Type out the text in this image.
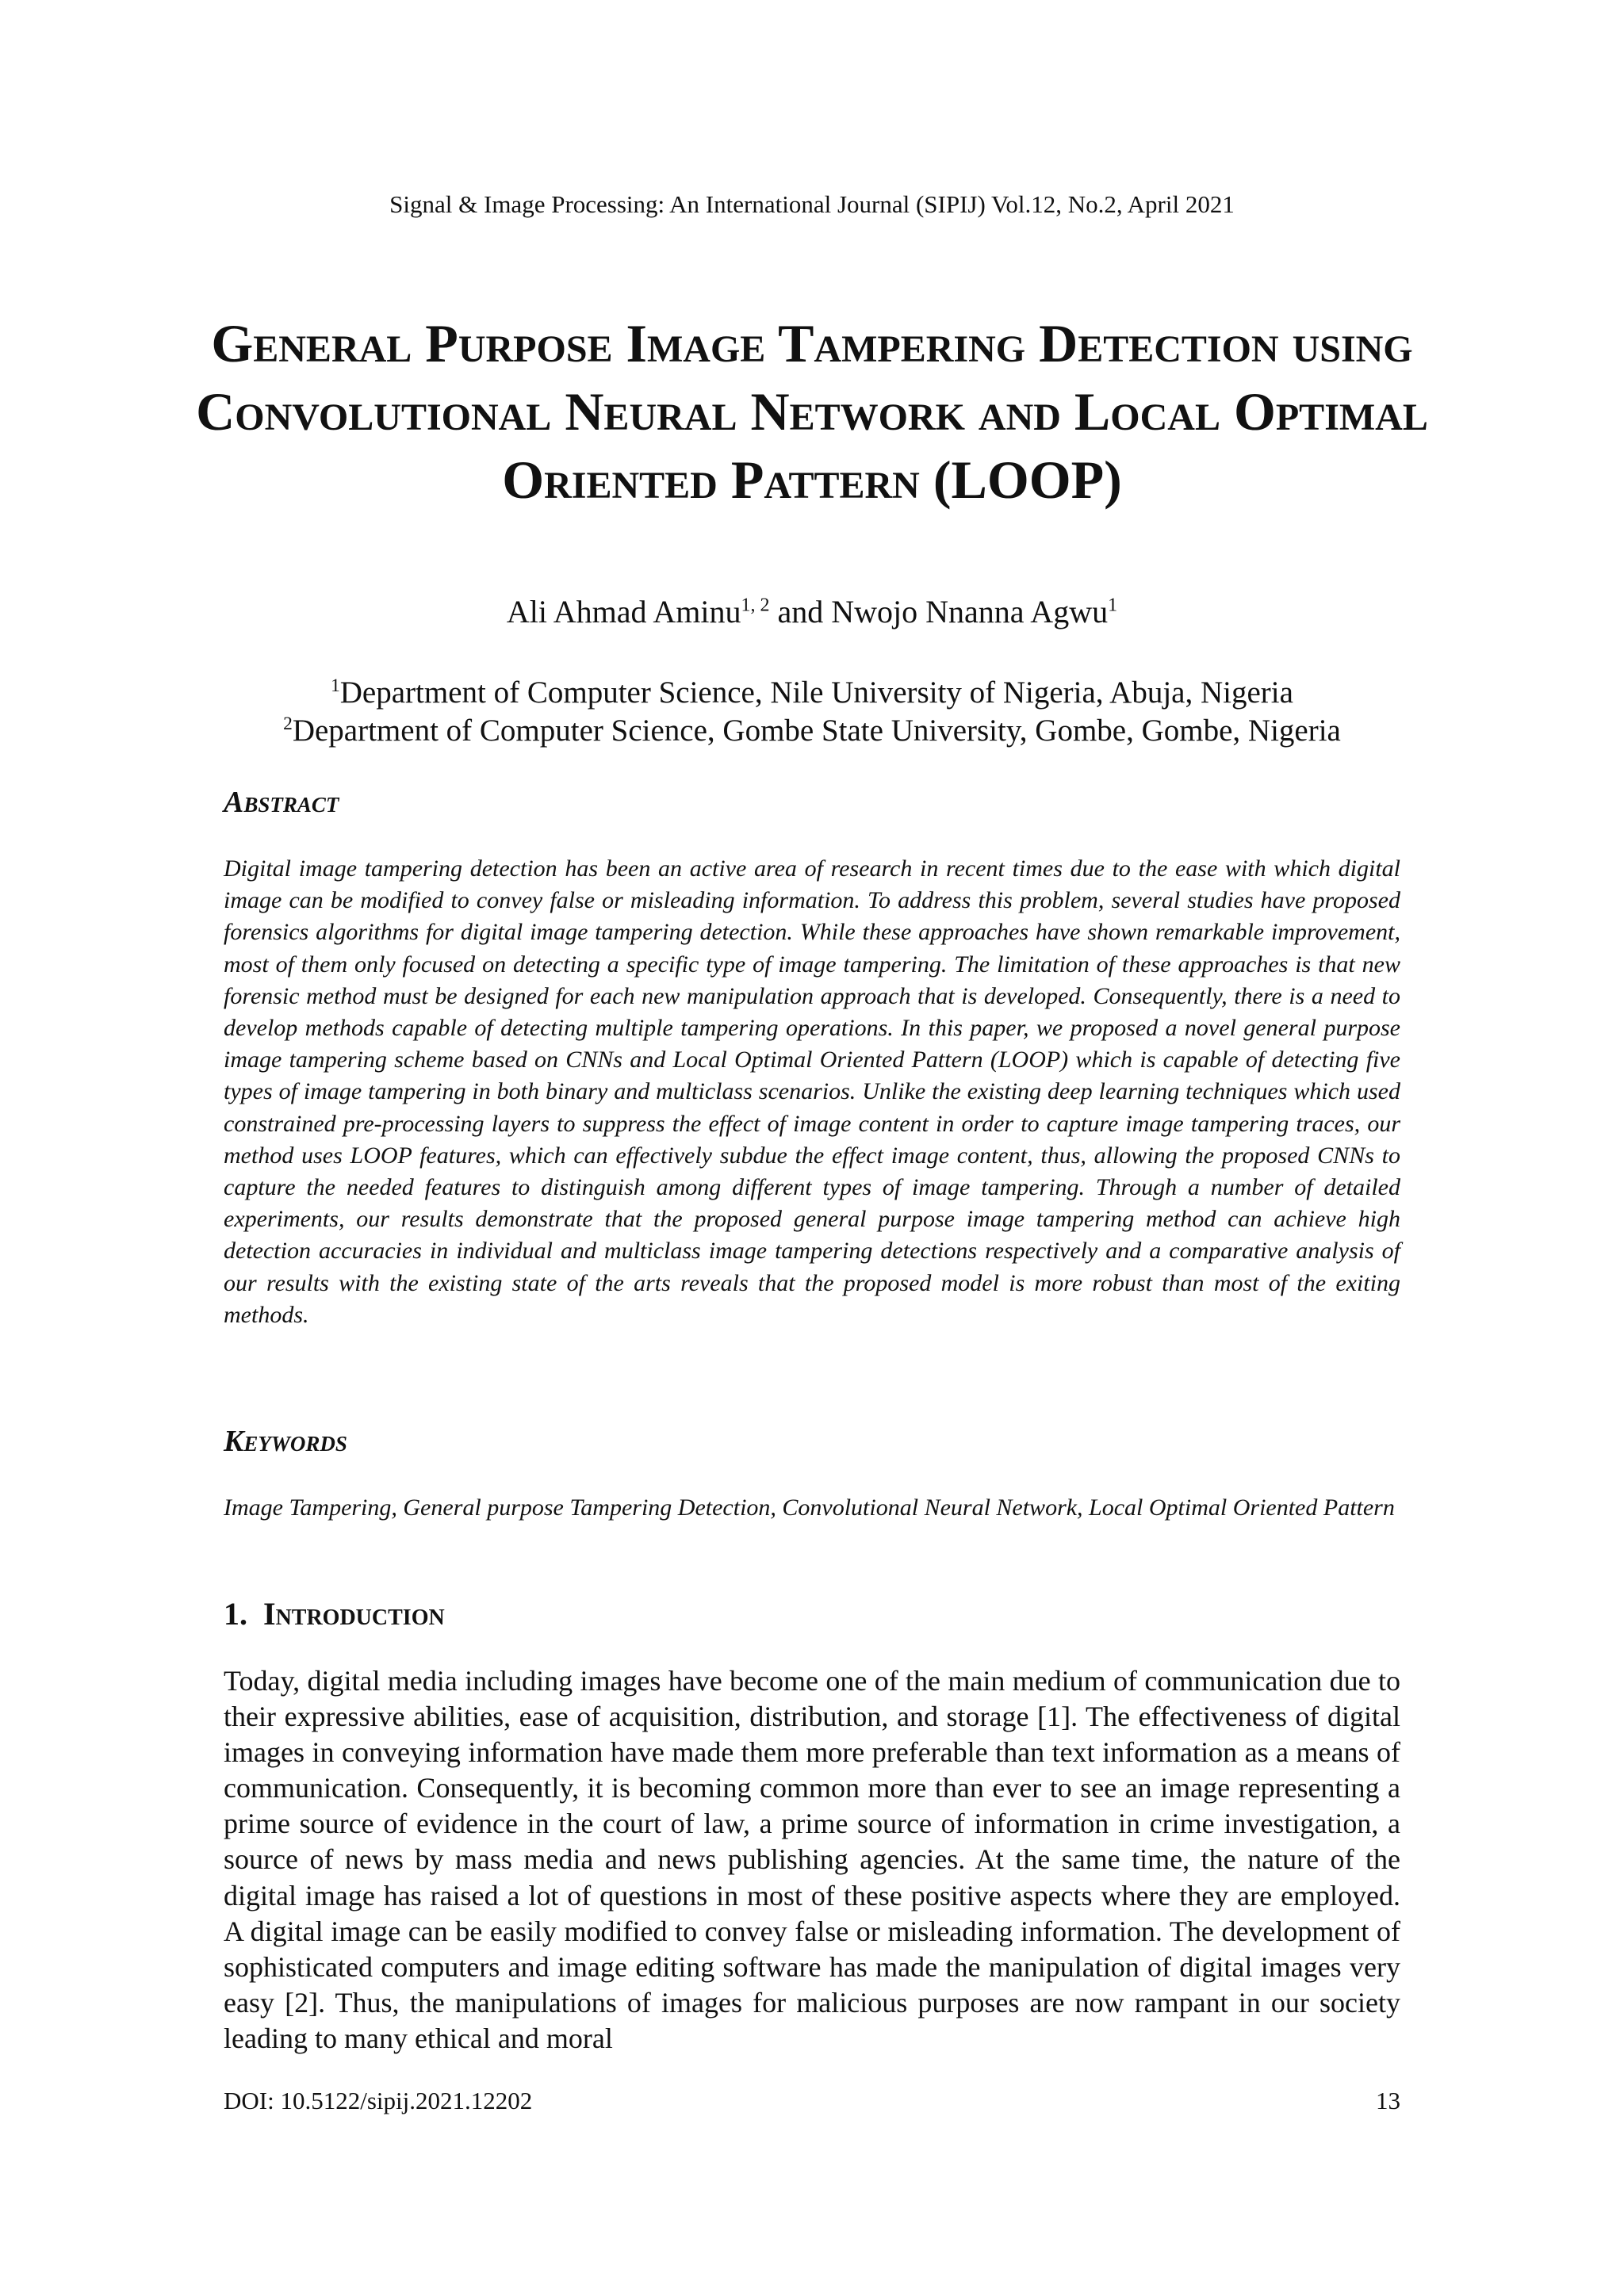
Signal & Image Processing: An International Journal (SIPIJ) Vol.12, No.2, April 2021
General Purpose Image Tampering Detection using Convolutional Neural Network and Local Optimal Oriented Pattern (LOOP)
Ali Ahmad Aminu$^{1, 2}$ and Nwojo Nnanna Agwu$^1$
$^1$Department of Computer Science, Nile University of Nigeria, Abuja, Nigeria
$^2$Department of Computer Science, Gombe State University, Gombe, Gombe, Nigeria
Abstract
Digital image tampering detection has been an active area of research in recent times due to the ease with which digital image can be modified to convey false or misleading information. To address this problem, several studies have proposed forensics algorithms for digital image tampering detection. While these approaches have shown remarkable improvement, most of them only focused on detecting a specific type of image tampering. The limitation of these approaches is that new forensic method must be designed for each new manipulation approach that is developed. Consequently, there is a need to develop methods capable of detecting multiple tampering operations. In this paper, we proposed a novel general purpose image tampering scheme based on CNNs and Local Optimal Oriented Pattern (LOOP) which is capable of detecting five types of image tampering in both binary and multiclass scenarios. Unlike the existing deep learning techniques which used constrained pre-processing layers to suppress the effect of image content in order to capture image tampering traces, our method uses LOOP features, which can effectively subdue the effect image content, thus, allowing the proposed CNNs to capture the needed features to distinguish among different types of image tampering. Through a number of detailed experiments, our results demonstrate that the proposed general purpose image tampering method can achieve high detection accuracies in individual and multiclass image tampering detections respectively and a comparative analysis of our results with the existing state of the arts reveals that the proposed model is more robust than most of the exiting methods.
Keywords
Image Tampering, General purpose Tampering Detection, Convolutional Neural Network, Local Optimal Oriented Pattern
1. Introduction
Today, digital media including images have become one of the main medium of communication due to their expressive abilities, ease of acquisition, distribution, and storage [1]. The effectiveness of digital images in conveying information have made them more preferable than text information as a means of communication. Consequently, it is becoming common more than ever to see an image representing a prime source of evidence in the court of law, a prime source of information in crime investigation, a source of news by mass media and news publishing agencies. At the same time, the nature of the digital image has raised a lot of questions in most of these positive aspects where they are employed. A digital image can be easily modified to convey false or misleading information. The development of sophisticated computers and image editing software has made the manipulation of digital images very easy [2]. Thus, the manipulations of images for malicious purposes are now rampant in our society leading to many ethical and moral
DOI: 10.5122/sipij.2021.12202	13
